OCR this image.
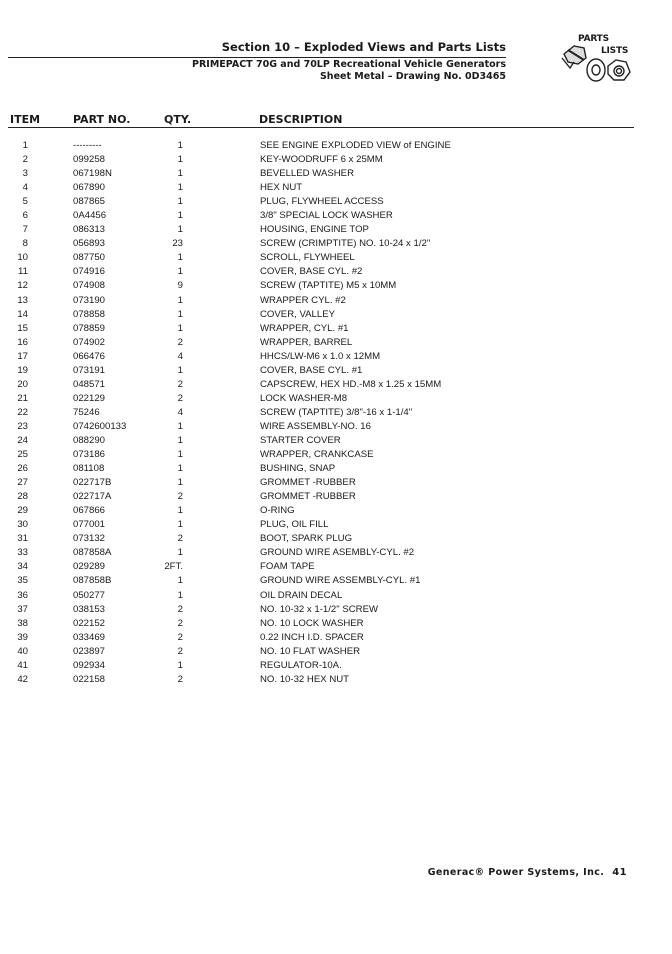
Section 10 – Exploded Views and Parts Lists
PRIMEPACT 70G and 70LP Recreational Vehicle Generators
Sheet Metal – Drawing No. 0D3465
PARTS
LISTS
ITEM	PART NO.	QTY.	DESCRIPTION
1	---------	1	SEE ENGINE EXPLODED VIEW of ENGINE
2	099258	1	KEY-WOODRUFF 6 x 25MM
3	067198N	1	BEVELLED WASHER
4	067890	1	HEX NUT
5	087865	1	PLUG, FLYWHEEL ACCESS
6	0A4456	1	3/8" SPECIAL LOCK WASHER
7	086313	1	HOUSING, ENGINE TOP
8	056893	23	SCREW (CRIMPTITE) NO. 10-24 x 1/2"
10	087750	1	SCROLL, FLYWHEEL
11	074916	1	COVER, BASE CYL. #2
12	074908	9	SCREW (TAPTITE) M5 x 10MM
13	073190	1	WRAPPER CYL. #2
14	078858	1	COVER, VALLEY
15	078859	1	WRAPPER, CYL. #1
16	074902	2	WRAPPER, BARREL
17	066476	4	HHCS/LW-M6 x 1.0 x 12MM
19	073191	1	COVER, BASE CYL. #1
20	048571	2	CAPSCREW, HEX HD.-M8 x 1.25 x 15MM
21	022129	2	LOCK WASHER-M8
22	75246	4	SCREW (TAPTITE) 3/8"-16 x 1-1/4"
23	0742600133	1	WIRE ASSEMBLY-NO. 16
24	088290	1	STARTER COVER
25	073186	1	WRAPPER, CRANKCASE
26	081108	1	BUSHING, SNAP
27	022717B	1	GROMMET -RUBBER
28	022717A	2	GROMMET -RUBBER
29	067866	1	O-RING
30	077001	1	PLUG, OIL FILL
31	073132	2	BOOT, SPARK PLUG
33	087858A	1	GROUND WIRE ASEMBLY-CYL. #2
34	029289	2FT.	FOAM TAPE
35	087858B	1	GROUND WIRE ASSEMBLY-CYL. #1
36	050277	1	OIL DRAIN DECAL
37	038153	2	NO. 10-32 x 1-1/2" SCREW
38	022152	2	NO. 10 LOCK WASHER
39	033469	2	0.22 INCH I.D. SPACER
40	023897	2	NO. 10 FLAT WASHER
41	092934	1	REGULATOR-10A.
42	022158	2	NO. 10-32 HEX NUT
Generac® Power Systems, Inc. 41
